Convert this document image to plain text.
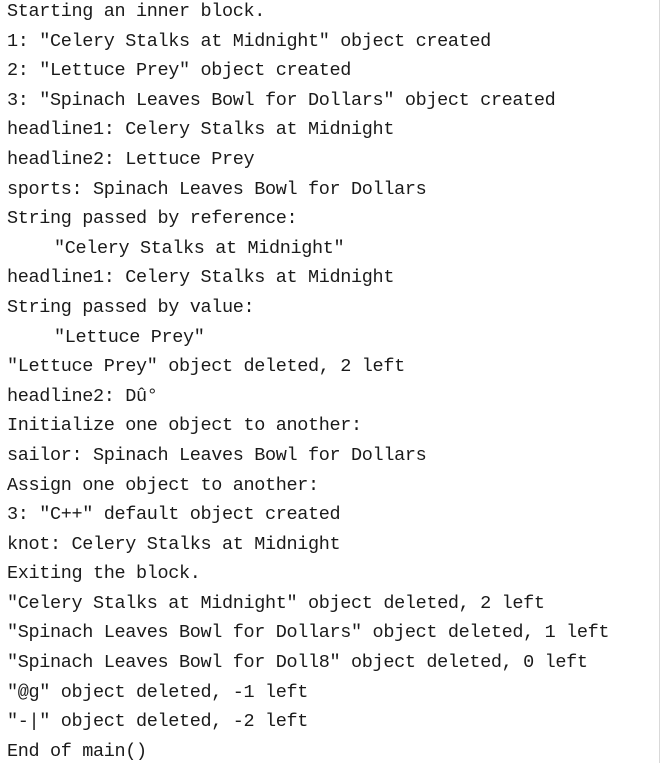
Starting an inner block.
1: "Celery Stalks at Midnight" object created
2: "Lettuce Prey" object created
3: "Spinach Leaves Bowl for Dollars" object created
headline1: Celery Stalks at Midnight
headline2: Lettuce Prey
sports: Spinach Leaves Bowl for Dollars
String passed by reference:
"Celery Stalks at Midnight"
headline1: Celery Stalks at Midnight
String passed by value:
"Lettuce Prey"
"Lettuce Prey" object deleted, 2 left
headline2: Dû°
Initialize one object to another:
sailor: Spinach Leaves Bowl for Dollars
Assign one object to another:
3: "C++" default object created
knot: Celery Stalks at Midnight
Exiting the block.
"Celery Stalks at Midnight" object deleted, 2 left
"Spinach Leaves Bowl for Dollars" object deleted, 1 left
"Spinach Leaves Bowl for Doll8" object deleted, 0 left
"@g" object deleted, -1 left
"-|" object deleted, -2 left
End of main()
